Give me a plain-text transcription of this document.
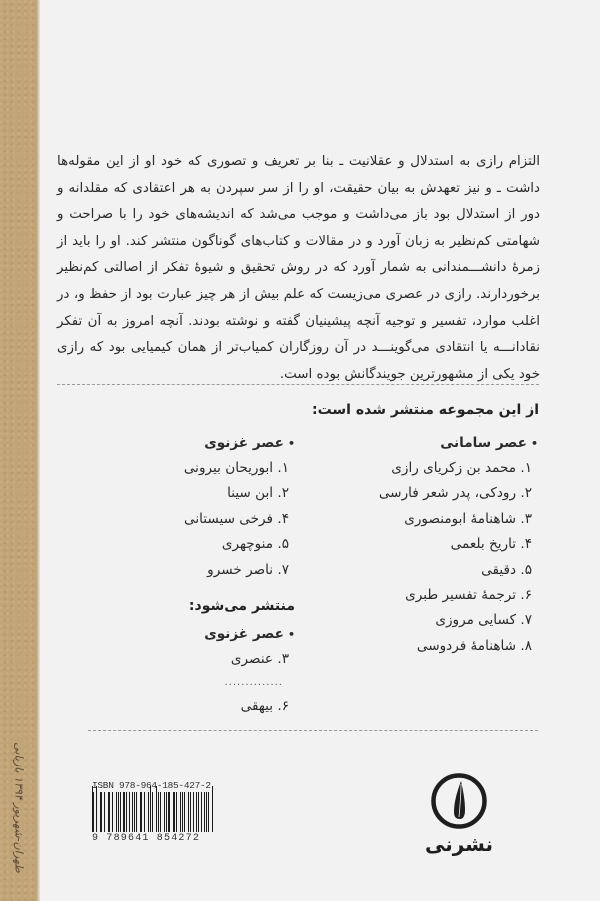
طهران-شهریور ۱۳۹۴ بازیابی

التزام رازی به استدلال و عقلانیت ـ بنا بر تعریف و تصوری که خود او از این مقوله‌ها داشت ـ و نیز تعهدش به بیان حقیقت، او را از سر سپردن به هر اعتقادی که مقلدانه و دور از استدلال بود باز می‌داشت و موجب می‌شد که اندیشه‌های خود را با صراحت و شهامتی کم‌نظیر به زبان آورد و در مقالات و کتاب‌های گوناگون منتشر کند. او را باید از زمرهٔ دانشـــمندانی به شمار آورد که در روش تحقیق و شیوهٔ تفکر از اصالتی کم‌نظیر برخوردارند. رازی در عصری می‌زیست که علم بیش از هر چیز عبارت بود از حفظ و، در اغلب موارد، تفسیر و توجیه آنچه پیشینیان گفته و نوشته بودند. آنچه امروز به آن تفکر نقادانـــه یا انتقادی می‌گوینـــد در آن روزگاران کمیاب‌تر از همان کیمیایی بود که رازی خود یکی از مشهورترین جویندگانش بوده است.

از این مجموعه منتشر شده است:
• عصر سامانی
۱. محمد بن زکریای رازی
۲. رودکی، پدر شعر فارسی
۳. شاهنامهٔ ابومنصوری
۴. تاریخ بلعمی
۵. دقیقی
۶. ترجمهٔ تفسیر طبری
۷. کسایی مروزی
۸. شاهنامهٔ فردوسی
• عصر غزنوی
۱. ابوریحان بیرونی
۲. ابن سینا
۴. فرخی سیستانی
۵. منوچهری
۷. ناصر خسرو
منتشر می‌شود:
• عصر غزنوی
۳. عنصری
..............
۶. بیهقی
ISBN 978-964-185-427-2
9 789641 854272	نشرنی
